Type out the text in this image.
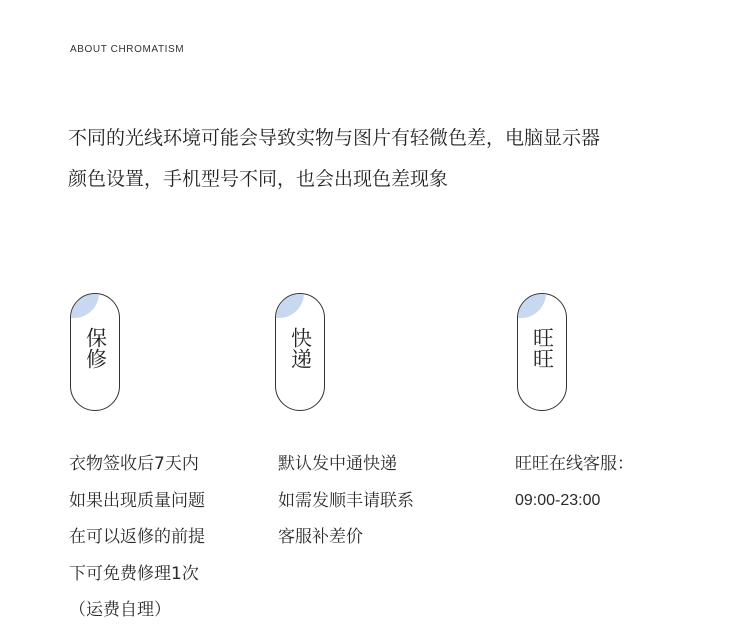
ABOUT CHROMATISM
不同的光线环境可能会导致实物与图片有轻微色差，电脑显示器
颜色设置，手机型号不同，也会出现色差现象
保修	快递	旺旺
衣物签收后7天内
如果出现质量问题
在可以返修的前提
下可免费修理1次
（运费自理）
默认发中通快递
如需发顺丰请联系
客服补差价
旺旺在线客服：
09:00-23:00
